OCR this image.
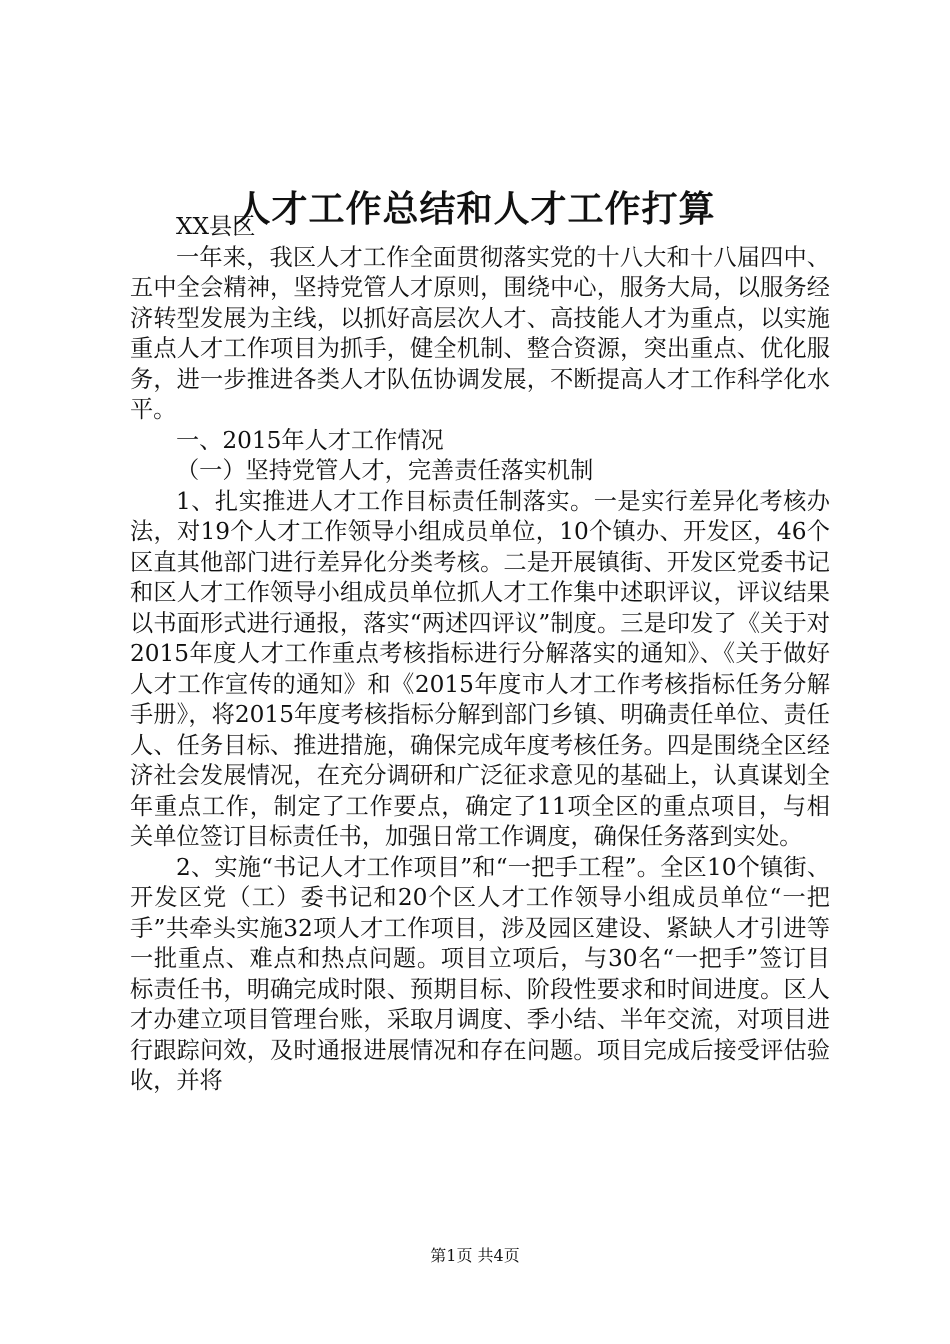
人才工作总结和人才工作打算

XX县区

一年来，我区人才工作全面贯彻落实党的十八大和十八届四中、五中全会精神，坚持党管人才原则，围绕中心，服务大局，以服务经济转型发展为主线，以抓好高层次人才、高技能人才为重点，以实施重点人才工作项目为抓手，健全机制、整合资源，突出重点、优化服务，进一步推进各类人才队伍协调发展，不断提高人才工作科学化水平。

一、2015年人才工作情况

（一）坚持党管人才，完善责任落实机制

1、扎实推进人才工作目标责任制落实。一是实行差异化考核办法，对19个人才工作领导小组成员单位，10个镇办、开发区，46个区直其他部门进行差异化分类考核。二是开展镇街、开发区党委书记和区人才工作领导小组成员单位抓人才工作集中述职评议，评议结果以书面形式进行通报，落实“两述四评议”制度。三是印发了《关于对2015年度人才工作重点考核指标进行分解落实的通知》、《关于做好人才工作宣传的通知》和《2015年度市人才工作考核指标任务分解手册》，将2015年度考核指标分解到部门乡镇、明确责任单位、责任人、任务目标、推进措施，确保完成年度考核任务。四是围绕全区经济社会发展情况，在充分调研和广泛征求意见的基础上，认真谋划全年重点工作，制定了工作要点，确定了11项全区的重点项目，与相关单位签订目标责任书，加强日常工作调度，确保任务落到实处。

2、实施“书记人才工作项目”和“一把手工程”。全区10个镇街、开发区党（工）委书记和20个区人才工作领导小组成员单位“一把手”共牵头实施32项人才工作项目，涉及园区建设、紧缺人才引进等一批重点、难点和热点问题。项目立项后，与30名“一把手”签订目标责任书，明确完成时限、预期目标、阶段性要求和时间进度。区人才办建立项目管理台账，采取月调度、季小结、半年交流，对项目进行跟踪问效，及时通报进展情况和存在问题。项目完成后接受评估验收，并将

第1页 共4页
